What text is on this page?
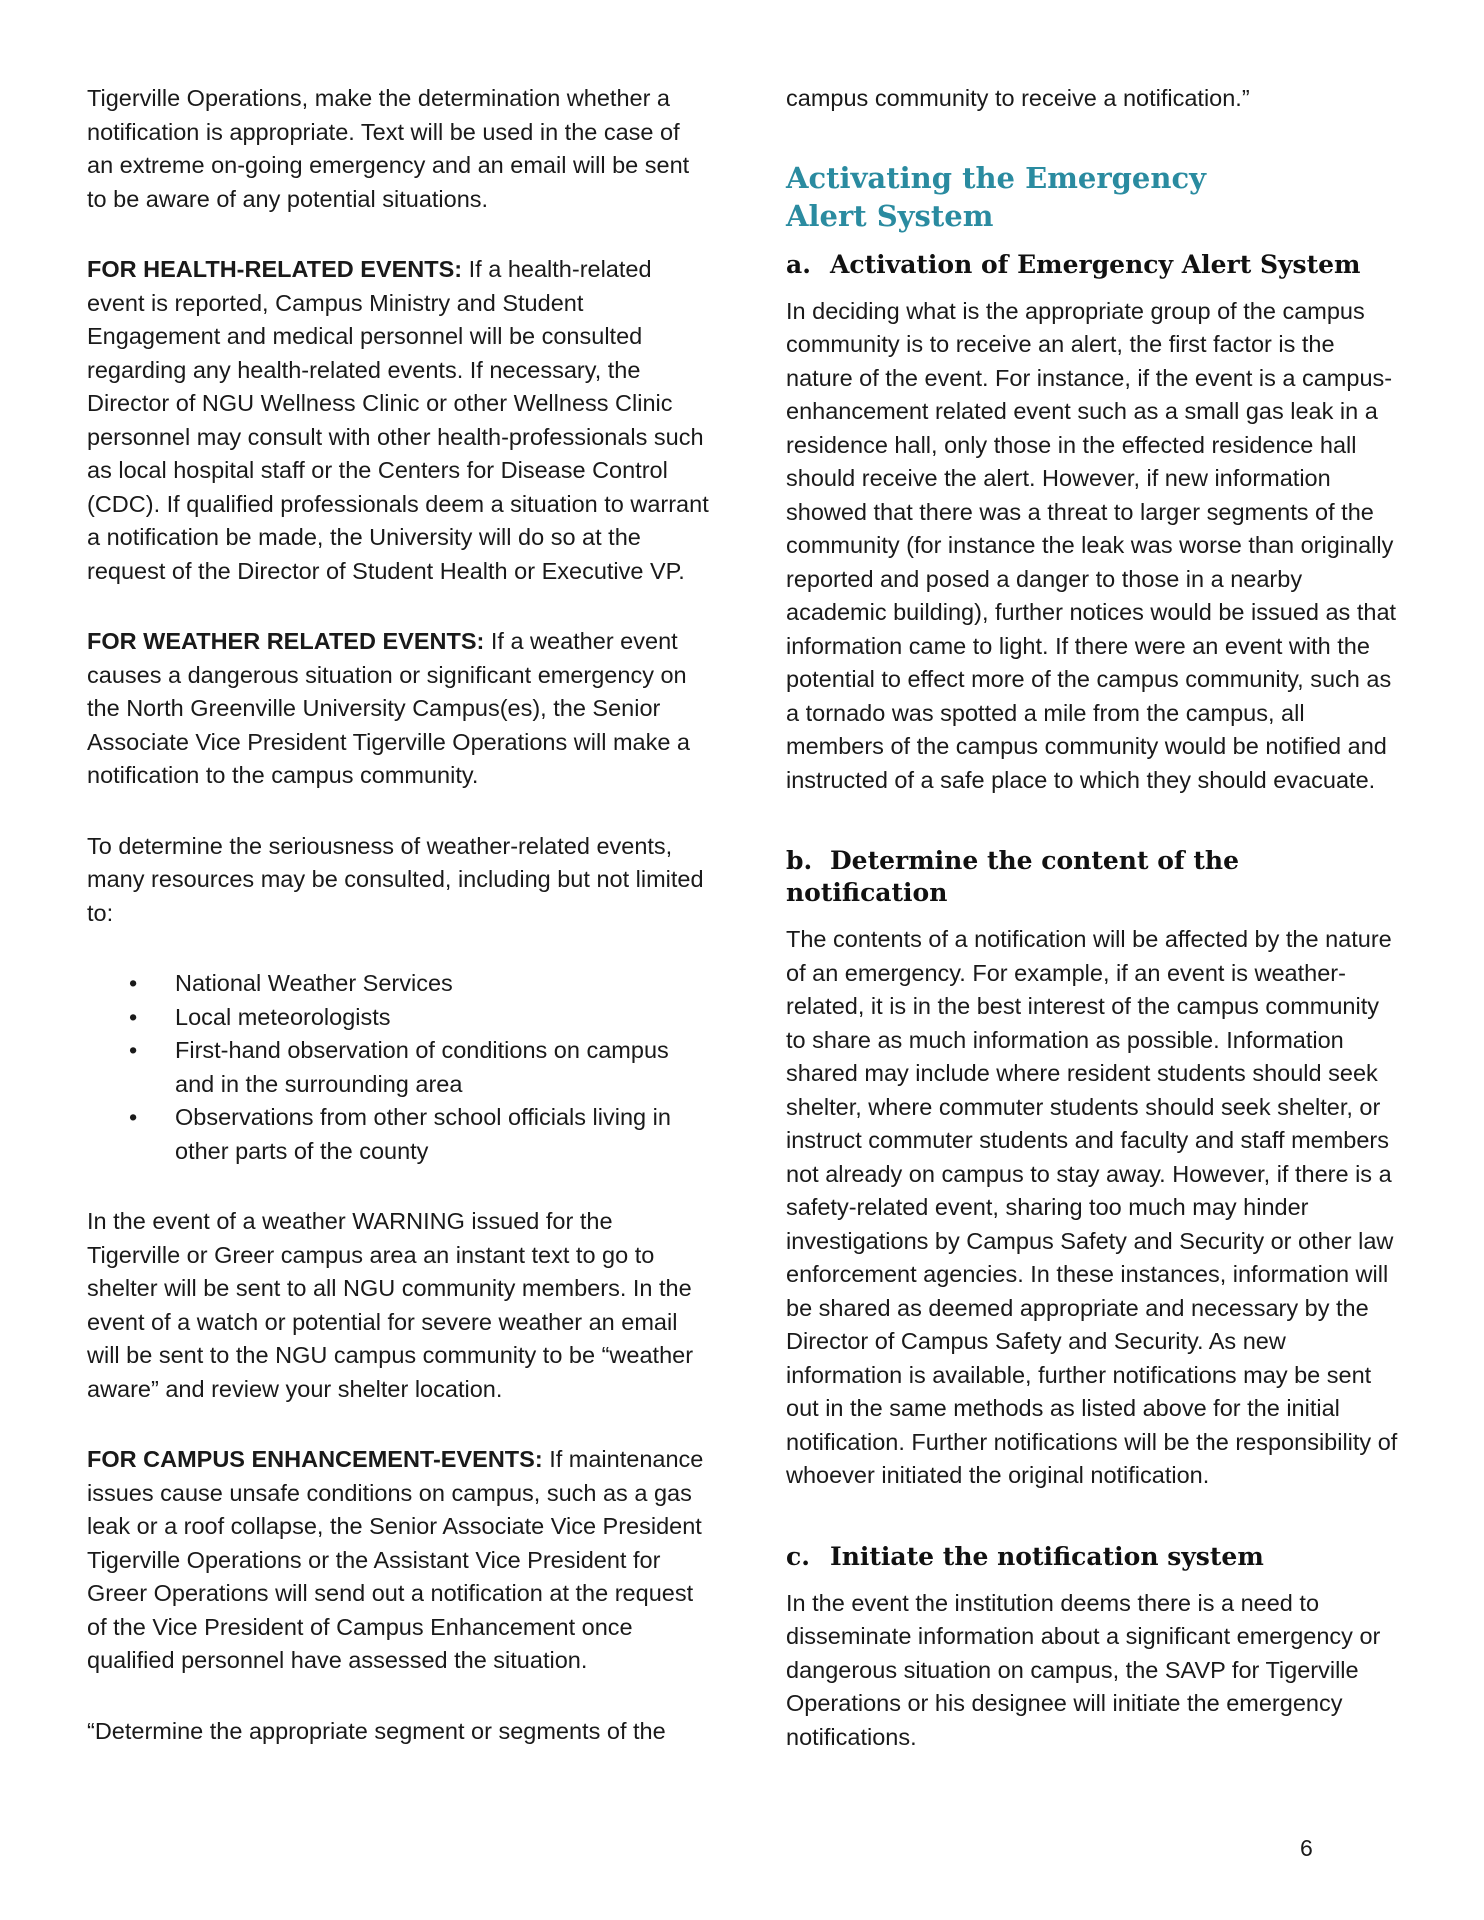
Tigerville Operations, make the determination whether a notification is appropriate. Text will be used in the case of an extreme on-going emergency and an email will be sent to be aware of any potential situations.

FOR HEALTH-RELATED EVENTS: If a health-related event is reported, Campus Ministry and Student Engagement and medical personnel will be consulted regarding any health-related events. If necessary, the Director of NGU Wellness Clinic or other Wellness Clinic personnel may consult with other health-professionals such as local hospital staff or the Centers for Disease Control (CDC). If qualified professionals deem a situation to warrant a notification be made, the University will do so at the request of the Director of Student Health or Executive VP.

FOR WEATHER RELATED EVENTS: If a weather event causes a dangerous situation or significant emergency on the North Greenville University Campus(es), the Senior Associate Vice President Tigerville Operations will make a notification to the campus community.

To determine the seriousness of weather-related events, many resources may be consulted, including but not limited to:

• National Weather Services
• Local meteorologists
• First-hand observation of conditions on campus and in the surrounding area
• Observations from other school officials living in other parts of the county

In the event of a weather WARNING issued for the Tigerville or Greer campus area an instant text to go to shelter will be sent to all NGU community members. In the event of a watch or potential for severe weather an email will be sent to the NGU campus community to be “weather aware” and review your shelter location.

FOR CAMPUS ENHANCEMENT-EVENTS: If maintenance issues cause unsafe conditions on campus, such as a gas leak or a roof collapse, the Senior Associate Vice President Tigerville Operations or the Assistant Vice President for Greer Operations will send out a notification at the request of the Vice President of Campus Enhancement once qualified personnel have assessed the situation.

“Determine the appropriate segment or segments of the

campus community to receive a notification.”

Activating the Emergency Alert System
a. Activation of Emergency Alert System

In deciding what is the appropriate group of the campus community is to receive an alert, the first factor is the nature of the event. For instance, if the event is a campus-enhancement related event such as a small gas leak in a residence hall, only those in the effected residence hall should receive the alert. However, if new information showed that there was a threat to larger segments of the community (for instance the leak was worse than originally reported and posed a danger to those in a nearby academic building), further notices would be issued as that information came to light. If there were an event with the potential to effect more of the campus community, such as a tornado was spotted a mile from the campus, all members of the campus community would be notified and instructed of a safe place to which they should evacuate.

b. Determine the content of the notification

The contents of a notification will be affected by the nature of an emergency. For example, if an event is weather-related, it is in the best interest of the campus community to share as much information as possible. Information shared may include where resident students should seek shelter, where commuter students should seek shelter, or instruct commuter students and faculty and staff members not already on campus to stay away. However, if there is a safety-related event, sharing too much may hinder investigations by Campus Safety and Security or other law enforcement agencies. In these instances, information will be shared as deemed appropriate and necessary by the Director of Campus Safety and Security. As new information is available, further notifications may be sent out in the same methods as listed above for the initial notification. Further notifications will be the responsibility of whoever initiated the original notification.

c. Initiate the notification system

In the event the institution deems there is a need to disseminate information about a significant emergency or dangerous situation on campus, the SAVP for Tigerville Operations or his designee will initiate the emergency notifications.

6
